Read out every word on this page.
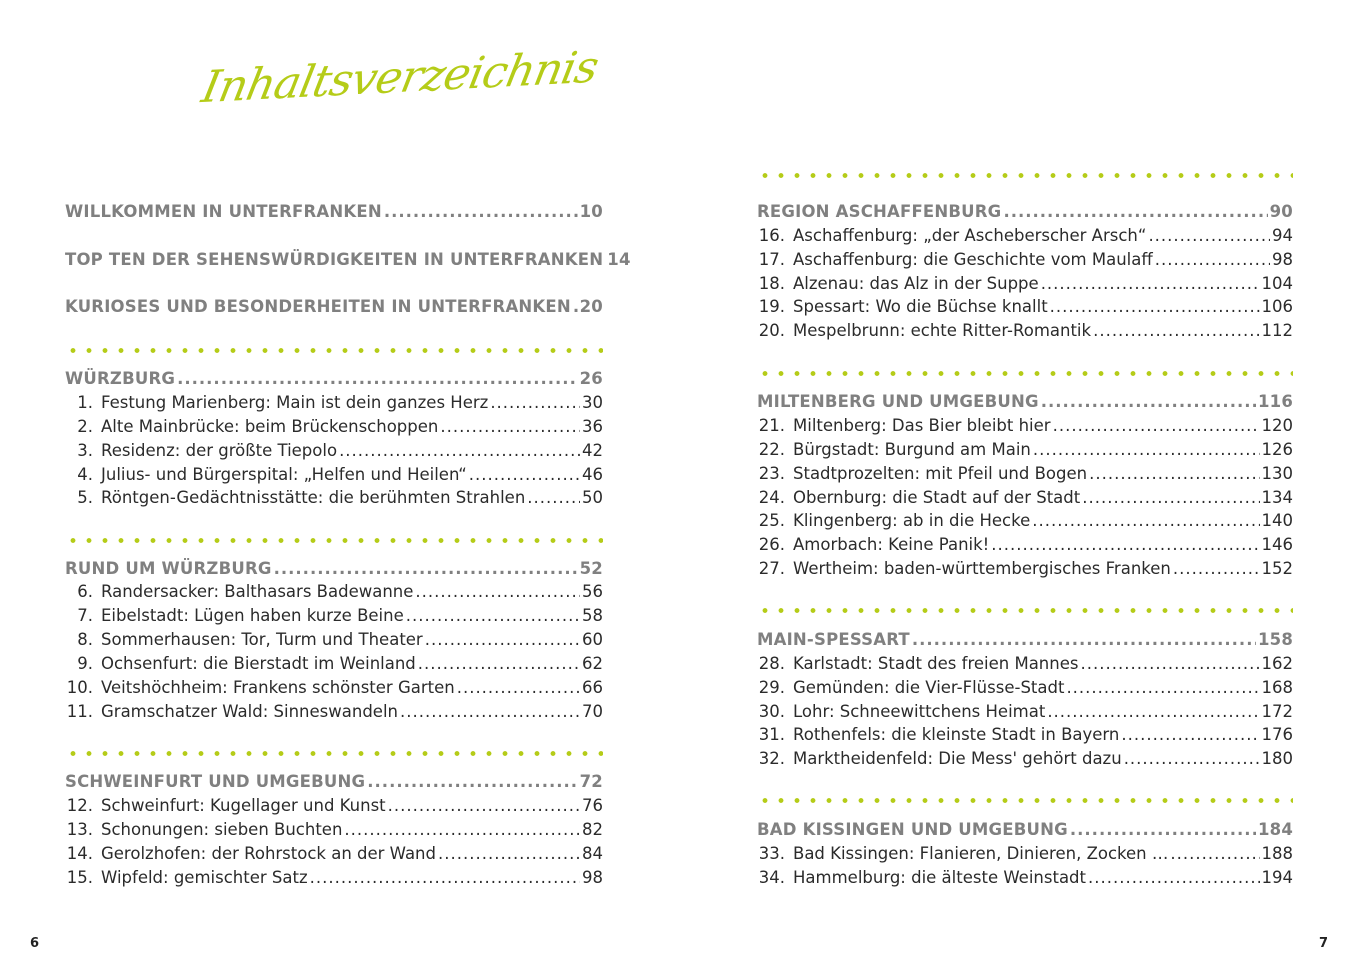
Inhaltsverzeichnis
WILLKOMMEN IN UNTERFRANKEN .....	10
TOP TEN DER SEHENSWÜRDIGKEITEN IN UNTERFRANKEN 14
KURIOSES UND BESONDERHEITEN IN UNTERFRANKEN ..... 20
WÜRZBURG .....	26
1. Festung Marienberg: Main ist dein ganzes Herz .....	30
2. Alte Mainbrücke: beim Brückenschoppen .....	36
3. Residenz: der größte Tiepolo .....	42
4. Julius- und Bürgerspital: „Helfen und Heilen“ .....	46
5. Röntgen-Gedächtnisstätte: die berühmten Strahlen .....	50
RUND UM WÜRZBURG .....	52
6. Randersacker: Balthasars Badewanne .....	56
7. Eibelstadt: Lügen haben kurze Beine .....	58
8. Sommerhausen: Tor, Turm und Theater .....	60
9. Ochsenfurt: die Bierstadt im Weinland .....	62
10. Veitshöchheim: Frankens schönster Garten .....	66
11. Gramschatzer Wald: Sinneswandeln .....	70
SCHWEINFURT UND UMGEBUNG .....	72
12. Schweinfurt: Kugellager und Kunst .....	76
13. Schonungen: sieben Buchten .....	82
14. Gerolzhofen: der Rohrstock an der Wand .....	84
15. Wipfeld: gemischter Satz .....	98
REGION ASCHAFFENBURG .....	90
16. Aschaffenburg: „der Ascheberscher Arsch“ .....	94
17. Aschaffenburg: die Geschichte vom Maulaff .....	98
18. Alzenau: das Alz in der Suppe .....	104
19. Spessart: Wo die Büchse knallt .....	106
20. Mespelbrunn: echte Ritter-Romantik .....	112
MILTENBERG UND UMGEBUNG .....	116
21. Miltenberg: Das Bier bleibt hier .....	120
22. Bürgstadt: Burgund am Main .....	126
23. Stadtprozelten: mit Pfeil und Bogen .....	130
24. Obernburg: die Stadt auf der Stadt .....	134
25. Klingenberg: ab in die Hecke .....	140
26. Amorbach: Keine Panik! .....	146
27. Wertheim: baden-württembergisches Franken .....	152
MAIN-SPESSART .....	158
28. Karlstadt: Stadt des freien Mannes .....	162
29. Gemünden: die Vier-Flüsse-Stadt .....	168
30. Lohr: Schneewittchens Heimat .....	172
31. Rothenfels: die kleinste Stadt in Bayern .....	176
32. Marktheidenfeld: Die Mess' gehört dazu .....	180
BAD KISSINGEN UND UMGEBUNG .....	184
33. Bad Kissingen: Flanieren, Dinieren, Zocken … .....	188
34. Hammelburg: die älteste Weinstadt .....	194
6	7
